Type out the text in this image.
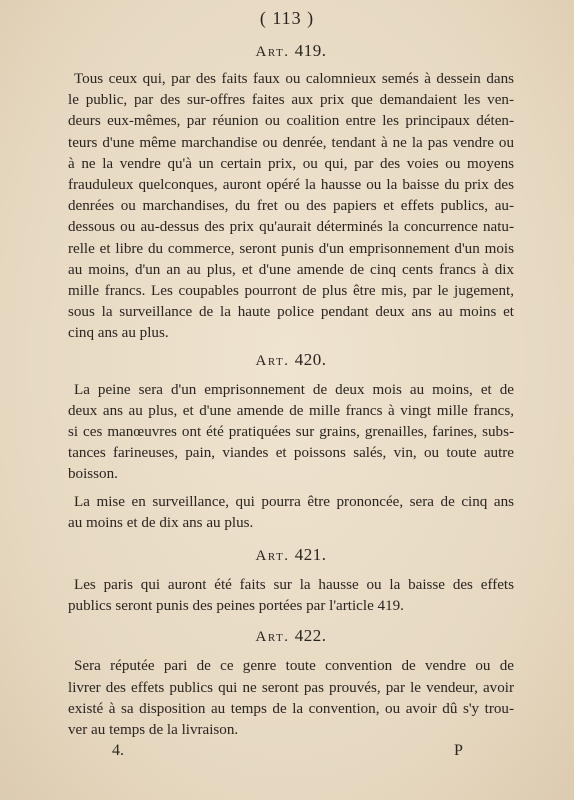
( 113 )
Art. 419.
Tous ceux qui, par des faits faux ou calomnieux semés à dessein dans
le public, par des sur-offres faites aux prix que demandaient les ven-
deurs eux-mêmes, par réunion ou coalition entre les principaux déten-
teurs d'une même marchandise ou denrée, tendant à ne la pas vendre ou
à ne la vendre qu'à un certain prix, ou qui, par des voies ou moyens
frauduleux quelconques, auront opéré la hausse ou la baisse du prix des
denrées ou marchandises, du fret ou des papiers et effets publics, au-
dessous ou au-dessus des prix qu'aurait déterminés la concurrence natu-
relle et libre du commerce, seront punis d'un emprisonnement d'un mois
au moins, d'un an au plus, et d'une amende de cinq cents francs à dix
mille francs. Les coupables pourront de plus être mis, par le jugement,
sous la surveillance de la haute police pendant deux ans au moins et
cinq ans au plus.
Art. 420.
La peine sera d'un emprisonnement de deux mois au moins, et de
deux ans au plus, et d'une amende de mille francs à vingt mille francs,
si ces manœuvres ont été pratiquées sur grains, grenailles, farines, subs-
tances farineuses, pain, viandes et poissons salés, vin, ou toute autre
boisson.
La mise en surveillance, qui pourra être prononcée, sera de cinq ans
au moins et de dix ans au plus.
Art. 421.
Les paris qui auront été faits sur la hausse ou la baisse des effets
publics seront punis des peines portées par l'article 419.
Art. 422.
Sera réputée pari de ce genre toute convention de vendre ou de
livrer des effets publics qui ne seront pas prouvés, par le vendeur, avoir
existé à sa disposition au temps de la convention, ou avoir dû s'y trou-
ver au temps de la livraison.
4.	P
